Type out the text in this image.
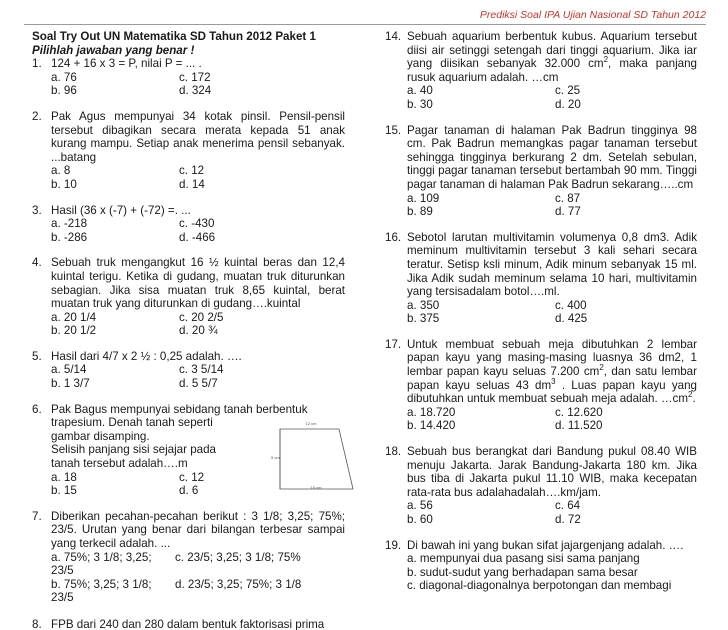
Prediksi Soal IPA Ujian Nasional SD Tahun 2012
Soal Try Out UN Matematika SD Tahun 2012 Paket 1
Pilihlah jawaban yang benar !
1. 124 + 16 x 3 = P, nilai P = ... .
a. 76	c. 172
b. 96	d. 324
2. Pak Agus mempunyai 34 kotak pinsil. Pensil-pensil tersebut dibagikan secara merata kepada 51 anak kurang mampu. Setiap anak menerima pensil sebanyak. ...batang
a. 8	c. 12
b. 10	d. 14
3. Hasil (36 x (-7) + (-72) =. ...
a. -218	c. -430
b. -286	d. -466
4. Sebuah truk mengangkut 16 ½ kuintal beras dan 12,4 kuintal terigu. Ketika di gudang, muatan truk diturunkan sebagian. Jika sisa muatan truk 8,65 kuintal, berat muatan truk yang diturunkan di gudang….kuintal
a. 20 1/4	c. 20 2/5
b. 20 1/2	d. 20 ¾
5. Hasil dari 4/7 x 2 ½ : 0,25 adalah. ….
a. 5/14	c. 3 5/14
b. 1 3/7	d. 5 5/7
6. Pak Bagus mempunyai sebidang tanah berbentuk
trapesium. Denah tanah seperti
gambar disamping.
Selisih panjang sisi sejajar pada
tanah tersebut adalah….m
a. 18	c. 12
b. 15	d. 6
7. Diberikan pecahan-pecahan berikut : 3 1/8; 3,25; 75%; 23/5. Urutan yang benar dari bilangan terbesar sampai yang terkecil adalah. ...
a. 75%; 3 1/8; 3,25; 23/5
c. 23/5; 3,25; 3 1/8; 75%
b. 75%; 3,25; 3 1/8; 23/5
d. 23/5; 3,25; 75%; 3 1/8
8. FPB dari 240 dan 280 dalam bentuk faktorisasi prima
12 cm
5 cm
16 cm
14. Sebuah aquarium berbentuk kubus. Aquarium tersebut diisi air setinggi setengah dari tinggi aquarium. Jika iar yang diisikan sebanyak 32.000 $cm^2$, maka panjang rusuk aquarium adalah. …cm
a. 40	c. 25
b. 30	d. 20
15. Pagar tanaman di halaman Pak Badrun tingginya 98 cm. Pak Badrun memangkas pagar tanaman tersebut sehingga tingginya berkurang 2 dm. Setelah sebulan, tinggi pagar tanaman tersebut bertambah 90 mm. Tinggi pagar tanaman di halaman Pak Badrun sekarang…..cm
a. 109	c. 87
b. 89	d. 77
16. Sebotol larutan multivitamin volumenya 0,8 dm3. Adik meminum multivitamin tersebut 3 kali sehari secara teratur. Setisp ksli minum, Adik minum sebanyak 15 ml. Jika Adik sudah meminum selama 10 hari, multivitamin yang tersisadalam botol….ml.
a. 350	c. 400
b. 375	d. 425
17. Untuk membuat sebuah meja dibutuhkan 2 lembar papan kayu yang masing-masing luasnya 36 dm2, 1 lembar papan kayu seluas 7.200 $cm^2$, dan satu lembar papan kayu seluas 43 $dm^3$ . Luas papan kayu yang dibutuhkan untuk membuat sebuah meja adalah. $\dots cm^2$.
a. 18.720	c. 12.620
b. 14.420	d. 11.520
18. Sebuah bus berangkat dari Bandung pukul 08.40 WIB menuju Jakarta. Jarak Bandung-Jakarta 180 km. Jika bus tiba di Jakarta pukul 11.10 WIB, maka kecepatan rata-rata bus adalahadalah….km/jam.
a. 56	c. 64
b. 60	d. 72
19. Di bawah ini yang bukan sifat jajargenjang adalah. ….
a. mempunyai dua pasang sisi sama panjang
b. sudut-sudut yang berhadapan sama besar
c. diagonal-diagonalnya berpotongan dan membagi
